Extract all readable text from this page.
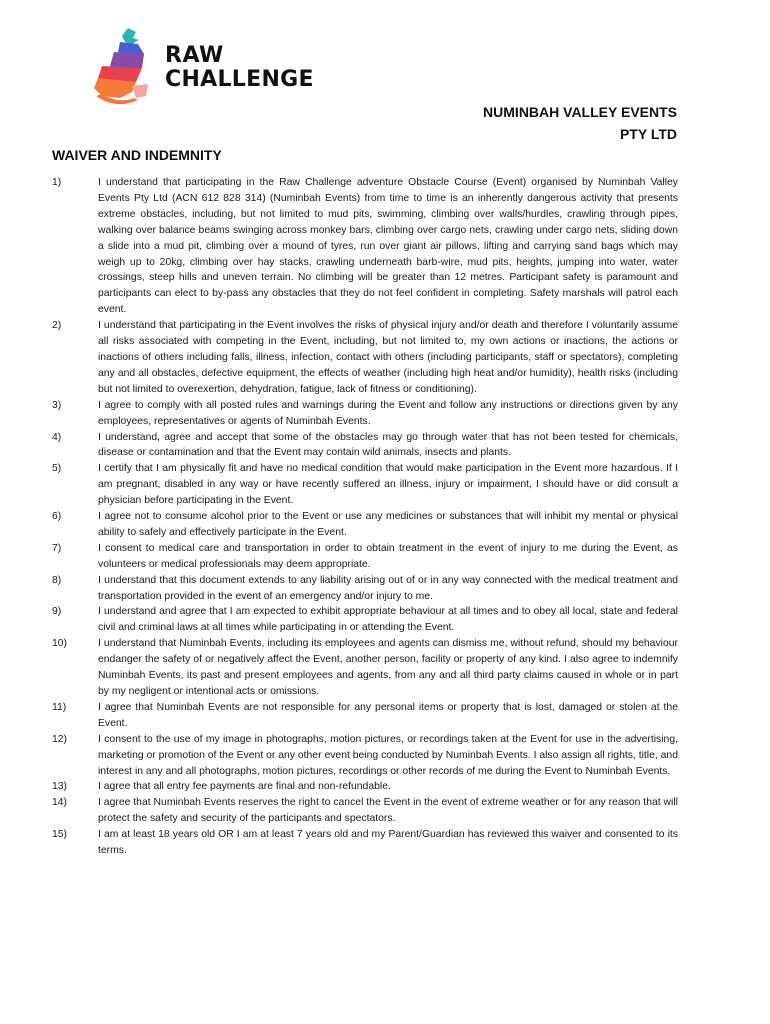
RAW
CHALLENGE
NUMINBAH VALLEY EVENTS
PTY LTD
WAIVER AND INDEMNITY
1)	I understand that participating in the Raw Challenge adventure Obstacle Course (Event) organised by Numinbah Valley Events Pty Ltd (ACN 612 828 314) (Numinbah Events) from time to time is an inherently dangerous activity that presents extreme obstacles, including, but not limited to mud pits, swimming, climbing over walls/hurdles, crawling through pipes, walking over balance beams swinging across monkey bars, climbing over cargo nets, crawling under cargo nets, sliding down a slide into a mud pit, climbing over a mound of tyres, run over giant air pillows, lifting and carrying sand bags which may weigh up to 20kg, climbing over hay stacks, crawling underneath barb-wire, mud pits, heights, jumping into water, water crossings, steep hills and uneven terrain. No climbing will be greater than 12 metres. Participant safety is paramount and participants can elect to by-pass any obstacles that they do not feel confident in completing. Safety marshals will patrol each event.
2)	I understand that participating in the Event involves the risks of physical injury and/or death and therefore I voluntarily assume all risks associated with competing in the Event, including, but not limited to, my own actions or inactions, the actions or inactions of others including falls, illness, infection, contact with others (including participants, staff or spectators), completing any and all obstacles, defective equipment, the effects of weather (including high heat and/or humidity), health risks (including but not limited to overexertion, dehydration, fatigue, lack of fitness or conditioning).
3)	I agree to comply with all posted rules and warnings during the Event and follow any instructions or directions given by any employees, representatives or agents of Numinbah Events.
4)	I understand, agree and accept that some of the obstacles may go through water that has not been tested for chemicals, disease or contamination and that the Event may contain wild animals, insects and plants.
5)	I certify that I am physically fit and have no medical condition that would make participation in the Event more hazardous. If I am pregnant, disabled in any way or have recently suffered an illness, injury or impairment, I should have or did consult a physician before participating in the Event.
6)	I agree not to consume alcohol prior to the Event or use any medicines or substances that will inhibit my mental or physical ability to safely and effectively participate in the Event.
7)	I consent to medical care and transportation in order to obtain treatment in the event of injury to me during the Event, as volunteers or medical professionals may deem appropriate.
8)	I understand that this document extends to any liability arising out of or in any way connected with the medical treatment and transportation provided in the event of an emergency and/or injury to me.
9)	I understand and agree that I am expected to exhibit appropriate behaviour at all times and to obey all local, state and federal civil and criminal laws at all times while participating in or attending the Event.
10)	I understand that Numinbah Events, including its employees and agents can dismiss me, without refund, should my behaviour endanger the safety of or negatively affect the Event, another person, facility or property of any kind. I also agree to indemnify Numinbah Events, its past and present employees and agents, from any and all third party claims caused in whole or in part by my negligent or intentional acts or omissions.
11)	I agree that Numinbah Events are not responsible for any personal items or property that is lost, damaged or stolen at the Event.
12)	I consent to the use of my image in photographs, motion pictures, or recordings taken at the Event for use in the advertising, marketing or promotion of the Event or any other event being conducted by Numinbah Events. I also assign all rights, title, and interest in any and all photographs, motion pictures, recordings or other records of me during the Event to Numinbah Events.
13)	I agree that all entry fee payments are final and non-refundable.
14)	I agree that Numinbah Events reserves the right to cancel the Event in the event of extreme weather or for any reason that will protect the safety and security of the participants and spectators.
15)	I am at least 18 years old OR I am at least 7 years old and my Parent/Guardian has reviewed this waiver and consented to its terms.
